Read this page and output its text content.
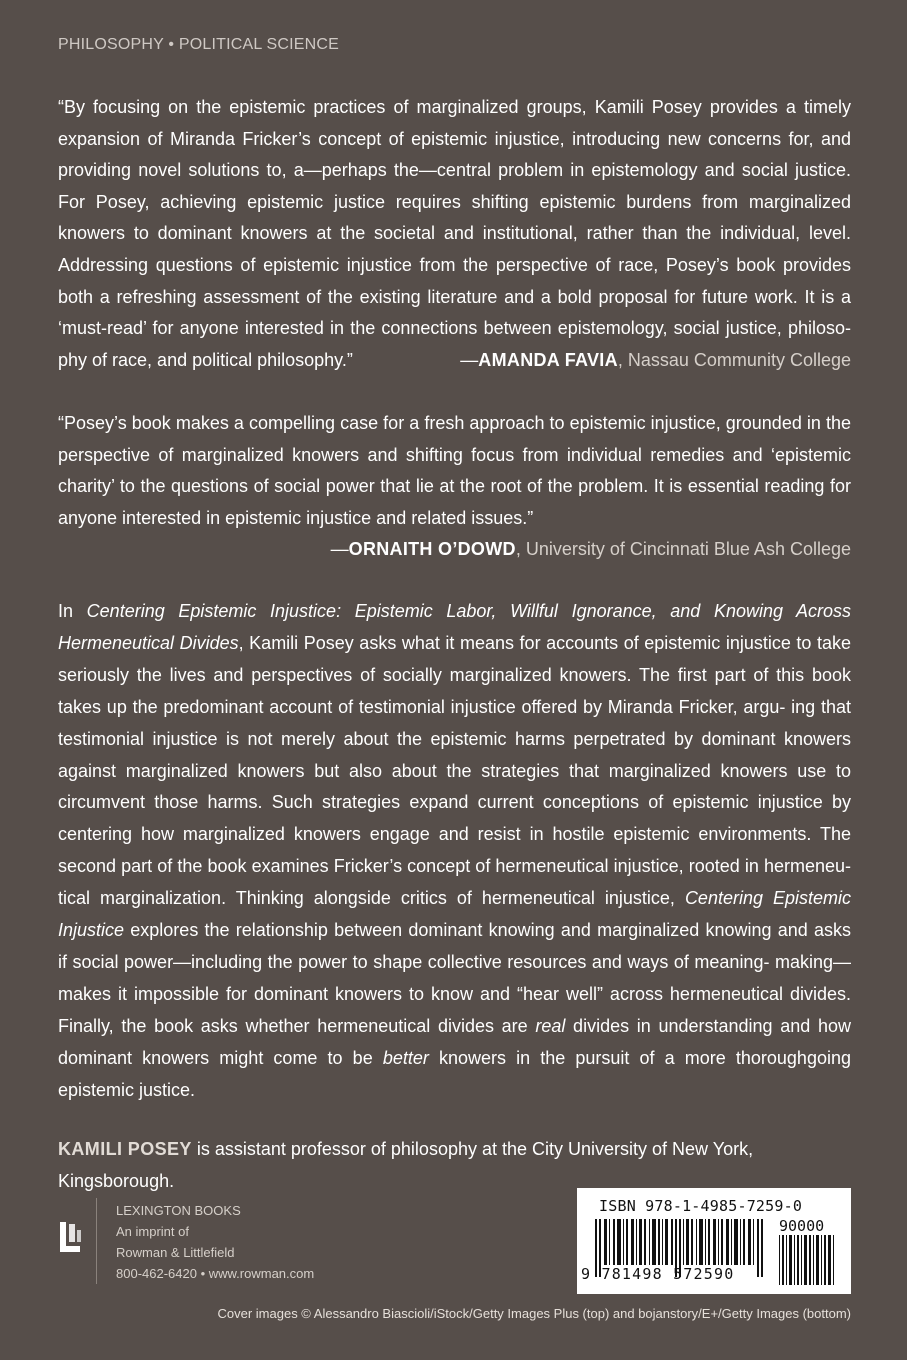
PHILOSOPHY • POLITICAL SCIENCE
“By focusing on the epistemic practices of marginalized groups, Kamili Posey provides a timely expansion of Miranda Fricker’s concept of epistemic injustice, introducing new concerns for, and providing novel solutions to, a—perhaps the—central problem in epistemology and social justice. For Posey, achieving epistemic justice requires shifting epistemic burdens from marginalized knowers to dominant knowers at the societal and institutional, rather than the individual, level. Addressing questions of epistemic injustice from the perspective of race, Posey’s book provides both a refreshing assessment of the existing literature and a bold proposal for future work. It is a ‘must-read’ for anyone interested in the connections between epistemology, social justice, philoso- phy of race, and political philosophy.”	—AMANDA FAVIA, Nassau Community College
“Posey’s book makes a compelling case for a fresh approach to epistemic injustice, grounded in the perspective of marginalized knowers and shifting focus from individual remedies and ‘epistemic charity’ to the questions of social power that lie at the root of the problem. It is essential reading for anyone interested in epistemic injustice and related issues.”
—ORNAITH O’DOWD, University of Cincinnati Blue Ash College
In Centering Epistemic Injustice: Epistemic Labor, Willful Ignorance, and Knowing Across Hermeneutical Divides, Kamili Posey asks what it means for accounts of epistemic injustice to take seriously the lives and perspectives of socially marginalized knowers. The first part of this book takes up the predominant account of testimonial injustice offered by Miranda Fricker, argu- ing that testimonial injustice is not merely about the epistemic harms perpetrated by dominant knowers against marginalized knowers but also about the strategies that marginalized knowers use to circumvent those harms. Such strategies expand current conceptions of epistemic injustice by centering how marginalized knowers engage and resist in hostile epistemic environments. The second part of the book examines Fricker’s concept of hermeneutical injustice, rooted in hermeneu- tical marginalization. Thinking alongside critics of hermeneutical injustice, Centering Epistemic Injustice explores the relationship between dominant knowing and marginalized knowing and asks if social power—including the power to shape collective resources and ways of meaning- making—makes it impossible for dominant knowers to know and “hear well” across hermeneutical divides. Finally, the book asks whether hermeneutical divides are real divides in understanding and how dominant knowers might come to be better knowers in the pursuit of a more thoroughgoing epistemic justice.
KAMILI POSEY is assistant professor of philosophy at the City University of New York, Kingsborough.
LEXINGTON BOOKS
An imprint of
Rowman & Littlefield
800-462-6420 • www.rowman.com
ISBN 978-1-4985-7259-0
90000
9 781498 572590
Cover images © Alessandro Biascioli/iStock/Getty Images Plus (top) and bojanstory/E+/Getty Images (bottom)
